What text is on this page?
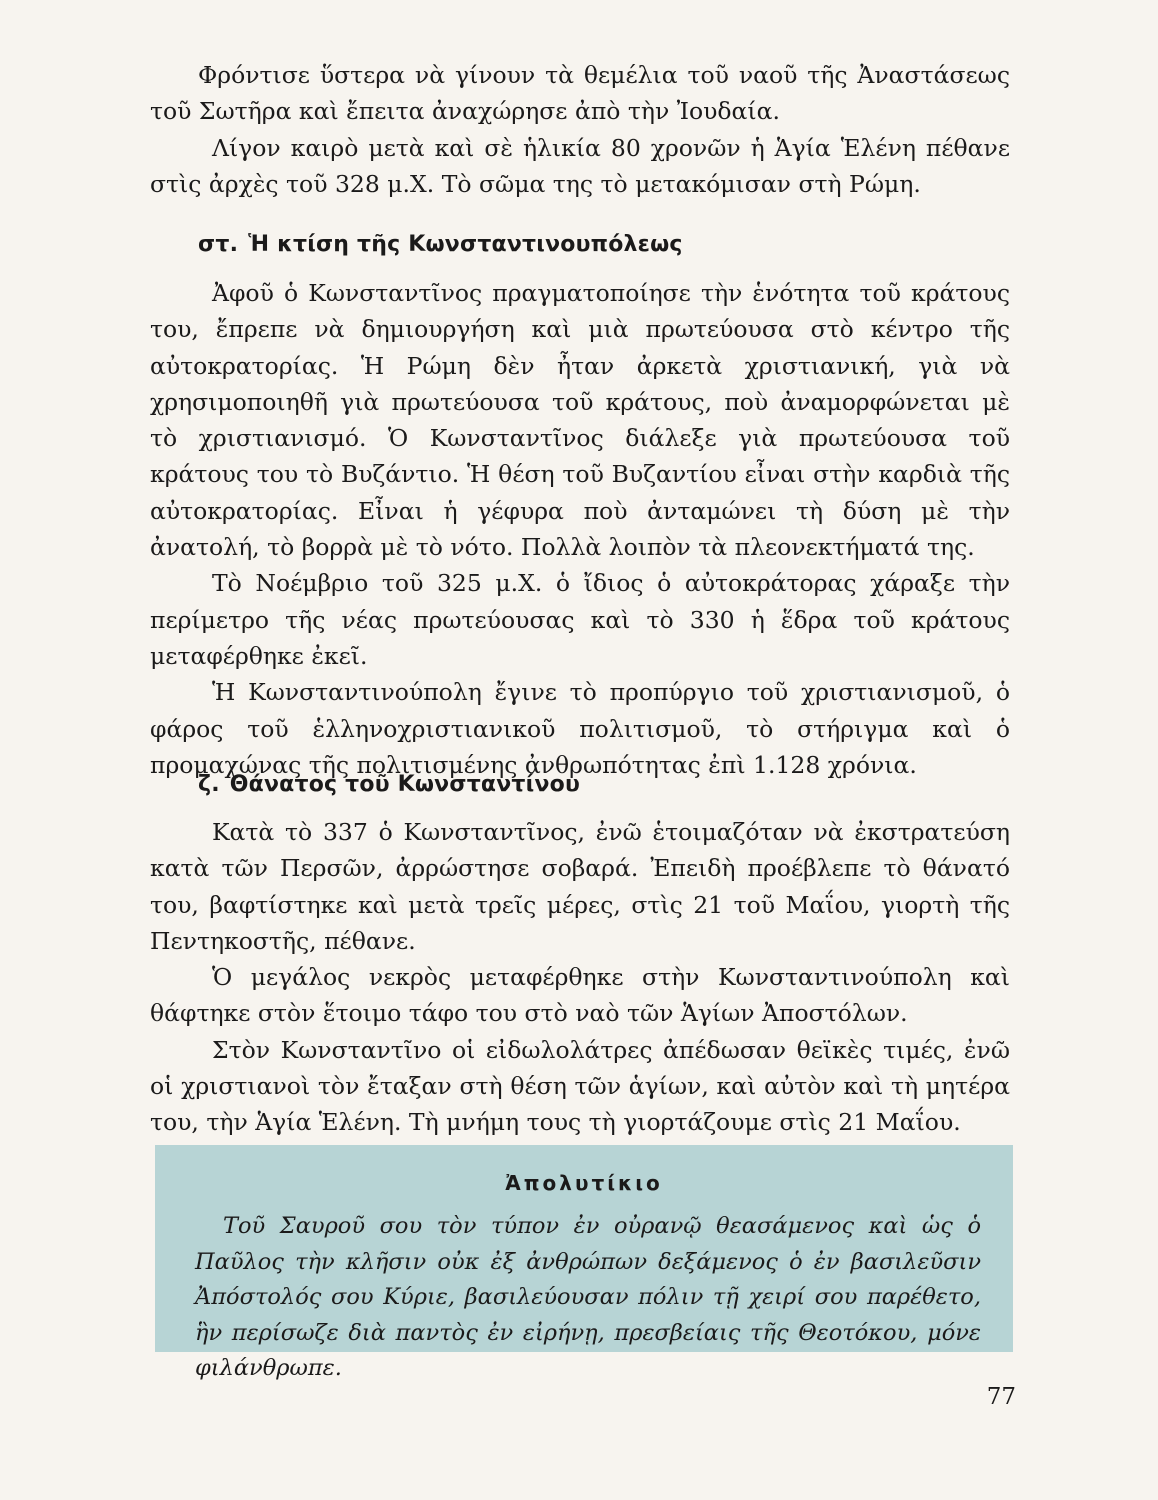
Φρόντισε ὕστερα νὰ γίνουν τὰ θεμέλια τοῦ ναοῦ τῆς Ἀναστάσεως τοῦ Σωτῆρα καὶ ἔπειτα ἀναχώρησε ἀπὸ τὴν Ἰουδαία.

Λίγον καιρὸ μετὰ καὶ σὲ ἡλικία 80 χρονῶν ἡ Ἁγία Ἑλένη πέθανε στὶς ἀρχὲς τοῦ 328 μ.Χ. Τὸ σῶμα της τὸ μετακόμισαν στὴ Ρώμη.

στ. Ἡ κτίση τῆς Κωνσταντινουπόλεως

Ἀφοῦ ὁ Κωνσταντῖνος πραγματοποίησε τὴν ἑνότητα τοῦ κράτους του, ἔπρεπε νὰ δημιουργήση καὶ μιὰ πρωτεύουσα στὸ κέντρο τῆς αὐτοκρατορίας. Ἡ Ρώμη δὲν ἦταν ἀρκετὰ χριστιανική, γιὰ νὰ χρησιμοποιηθῆ γιὰ πρωτεύουσα τοῦ κράτους, ποὺ ἀναμορφώνεται μὲ τὸ χριστιανισμό. Ὁ Κωνσταντῖνος διάλεξε γιὰ πρωτεύουσα τοῦ κράτους του τὸ Βυζάντιο. Ἡ θέση τοῦ Βυζαντίου εἶναι στὴν καρδιὰ τῆς αὐτοκρατορίας. Εἶναι ἡ γέφυρα ποὺ ἀνταμώνει τὴ δύση μὲ τὴν ἀνατολή, τὸ βορρὰ μὲ τὸ νότο. Πολλὰ λοιπὸν τὰ πλεονεκτήματά της.

Τὸ Νοέμβριο τοῦ 325 μ.Χ. ὁ ἴδιος ὁ αὐτοκράτορας χάραξε τὴν περίμετρο τῆς νέας πρωτεύουσας καὶ τὸ 330 ἡ ἕδρα τοῦ κράτους μεταφέρθηκε ἐκεῖ.

Ἡ Κωνσταντινούπολη ἔγινε τὸ προπύργιο τοῦ χριστιανισμοῦ, ὁ φάρος τοῦ ἑλληνοχριστιανικοῦ πολιτισμοῦ, τὸ στήριγμα καὶ ὁ προμαχώνας τῆς πολιτισμένης ἀνθρωπότητας ἐπὶ 1.128 χρόνια.

ζ. Θάνατος τοῦ Κωνσταντίνου

Κατὰ τὸ 337 ὁ Κωνσταντῖνος, ἐνῶ ἑτοιμαζόταν νὰ ἐκστρατεύση κατὰ τῶν Περσῶν, ἀρρώστησε σοβαρά. Ἐπειδὴ προέβλεπε τὸ θάνατό του, βαφτίστηκε καὶ μετὰ τρεῖς μέρες, στὶς 21 τοῦ Μαΐου, γιορτὴ τῆς Πεντηκοστῆς, πέθανε.

Ὁ μεγάλος νεκρὸς μεταφέρθηκε στὴν Κωνσταντινούπολη καὶ θάφτηκε στὸν ἕτοιμο τάφο του στὸ ναὸ τῶν Ἁγίων Ἀποστόλων.

Στὸν Κωνσταντῖνο οἱ εἰδωλολάτρες ἀπέδωσαν θεϊκὲς τιμές, ἐνῶ οἱ χριστιανοὶ τὸν ἔταξαν στὴ θέση τῶν ἁγίων, καὶ αὐτὸν καὶ τὴ μητέρα του, τὴν Ἁγία Ἑλένη. Τὴ μνήμη τους τὴ γιορτάζουμε στὶς 21 Μαΐου.

Ἀπολυτίκιο

Τοῦ Σαυροῦ σου τὸν τύπον ἐν οὐρανῷ θεασάμενος καὶ ὡς ὁ Παῦλος τὴν κλῆσιν οὐκ ἐξ ἀνθρώπων δεξάμενος ὁ ἐν βασιλεῦσιν Ἀπόστολός σου Κύριε, βασιλεύουσαν πόλιν τῇ χειρί σου παρέθετο, ἣν περίσωζε διὰ παντὸς ἐν εἰρήνῃ, πρεσβείαις τῆς Θεοτόκου, μόνε φιλάνθρωπε.

77
